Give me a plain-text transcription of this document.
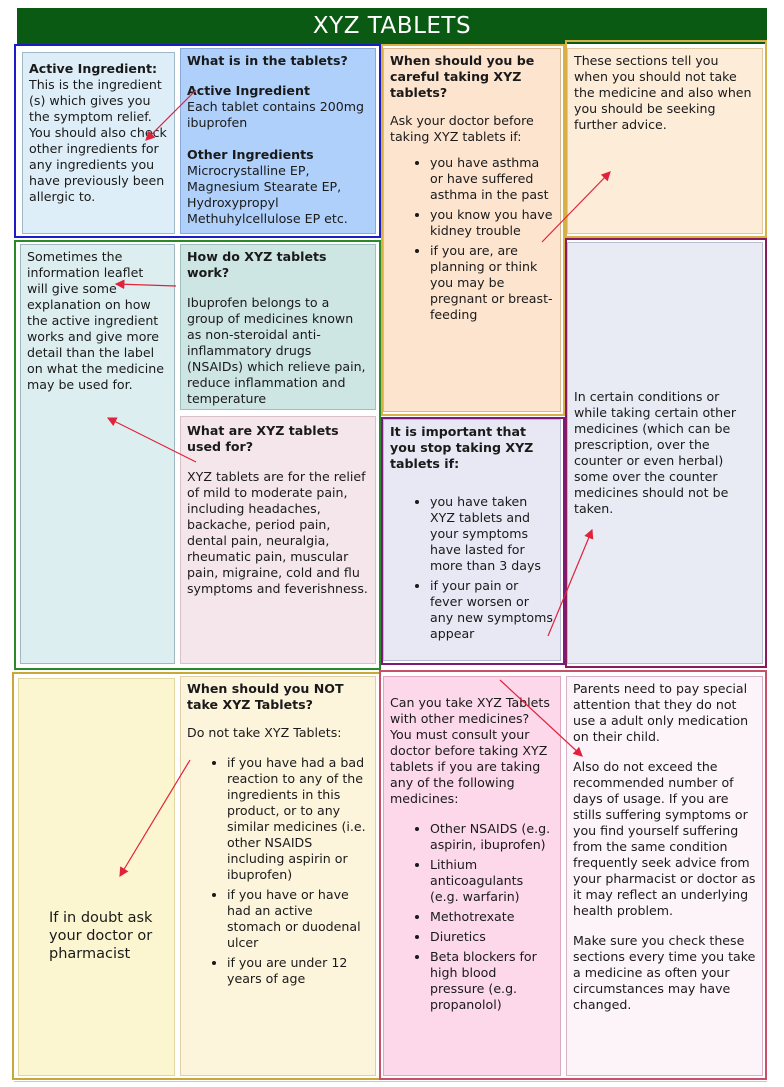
XYZ TABLETS
Active Ingredient:
This is the ingredient (s) which gives you the symptom relief. You should also check other ingredients for any ingredients you have previously been allergic to.
What is in the tablets?
Active Ingredient
Each tablet contains 200mg ibuprofen
Other Ingredients
Microcrystalline EP, Magnesium Stearate EP, Hydroxypropyl Methuhylcellulose EP etc.
When should you be careful taking XYZ tablets?
Ask your doctor before taking XYZ tablets if:
• you have asthma or have suffered asthma in the past
• you know you have kidney trouble
• if you are, are planning or think you may be pregnant or breast-feeding
These sections tell you when you should not take the medicine and also when you should be seeking further advice.
Sometimes the information leaflet will give some explanation on how the active ingredient works and give more detail than the label on what the medicine may be used for.
How do XYZ tablets work?
Ibuprofen belongs to a group of medicines known as non-steroidal anti-inflammatory drugs (NSAIDs) which relieve pain, reduce inflammation and temperature
What are XYZ tablets used for?
XYZ tablets are for the relief of mild to moderate pain, including headaches, backache, period pain, dental pain, neuralgia, rheumatic pain, muscular pain, migraine, cold and flu symptoms and feverishness.
It is important that you stop taking XYZ tablets if:
• you have taken XYZ tablets and your symptoms have lasted for more than 3 days
• if your pain or fever worsen or any new symptoms appear
In certain conditions or while taking certain other medicines (which can be prescription, over the counter or even herbal) some over the counter medicines should not be taken.
If in doubt ask your doctor or pharmacist
When should you NOT take XYZ Tablets?
Do not take XYZ Tablets:
• if you have had a bad reaction to any of the ingredients in this product, or to any similar medicines (i.e. other NSAIDS including aspirin or ibuprofen)
• if you have or have had an active stomach or duodenal ulcer
• if you are under 12 years of age
Can you take XYZ Tablets with other medicines?
You must consult your doctor before taking XYZ tablets if you are taking any of the following medicines:
• Other NSAIDS (e.g. aspirin, ibuprofen)
• Lithium anticoagulants (e.g. warfarin)
• Methotrexate
• Diuretics
• Beta blockers for high blood pressure (e.g. propanolol)

Parents need to pay special attention that they do not use a adult only medication on their child.

Also do not exceed the recommended number of days of usage. If you are stills suffering symptoms or you find yourself suffering from the same condition frequently seek advice from your pharmacist or doctor as it may reflect an underlying health problem.

Make sure you check these sections every time you take a medicine as often your circumstances may have changed.
